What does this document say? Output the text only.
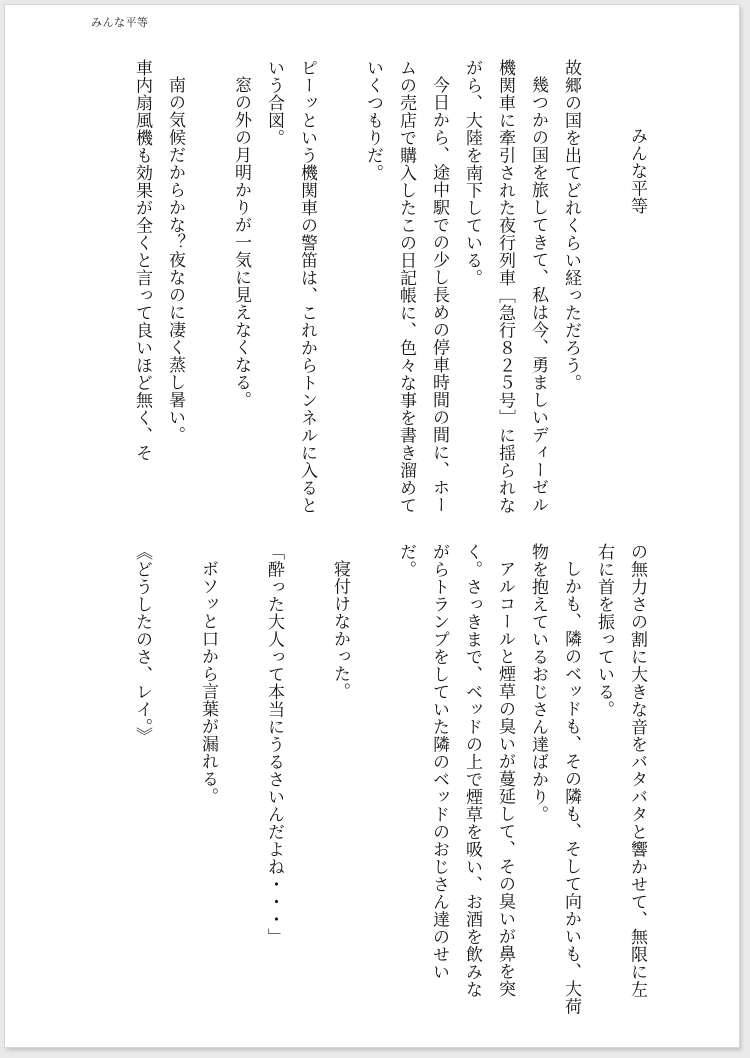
みんな平等

みんな平等

故郷の国を出てどれくらい経っただろう。

幾つかの国を旅してきて、私は今、勇ましいディーゼル機関車に牽引された夜行列車［急行８２５号］に揺られながら、大陸を南下している。

今日から、途中駅での少し長めの停車時間の間に、ホームの売店で購入したこの日記帳に、色々な事を書き溜めていくつもりだ。

ピーッという機関車の警笛は、これからトンネルに入るという合図。

窓の外の月明かりが一気に見えなくなる。

南の気候だからかな？夜なのに凄く蒸し暑い。

車内扇風機も効果が全くと言って良いほど無く、そ

の無力さの割に大きな音をバタバタと響かせて、無限に左右に首を振っている。

しかも、隣のベッドも、その隣も、そして向かいも、大荷物を抱えているおじさん達ばかり。

アルコールと煙草の臭いが蔓延して、その臭いが鼻を突く。さっきまで、ベッドの上で煙草を吸い、お酒を飲みながらトランプをしていた隣のベッドのおじさん達のせいだ。

寝付けなかった。

「酔った大人って本当にうるさいんだよね・・・」

ボソッと口から言葉が漏れる。

《どうしたのさ、レイ。》
